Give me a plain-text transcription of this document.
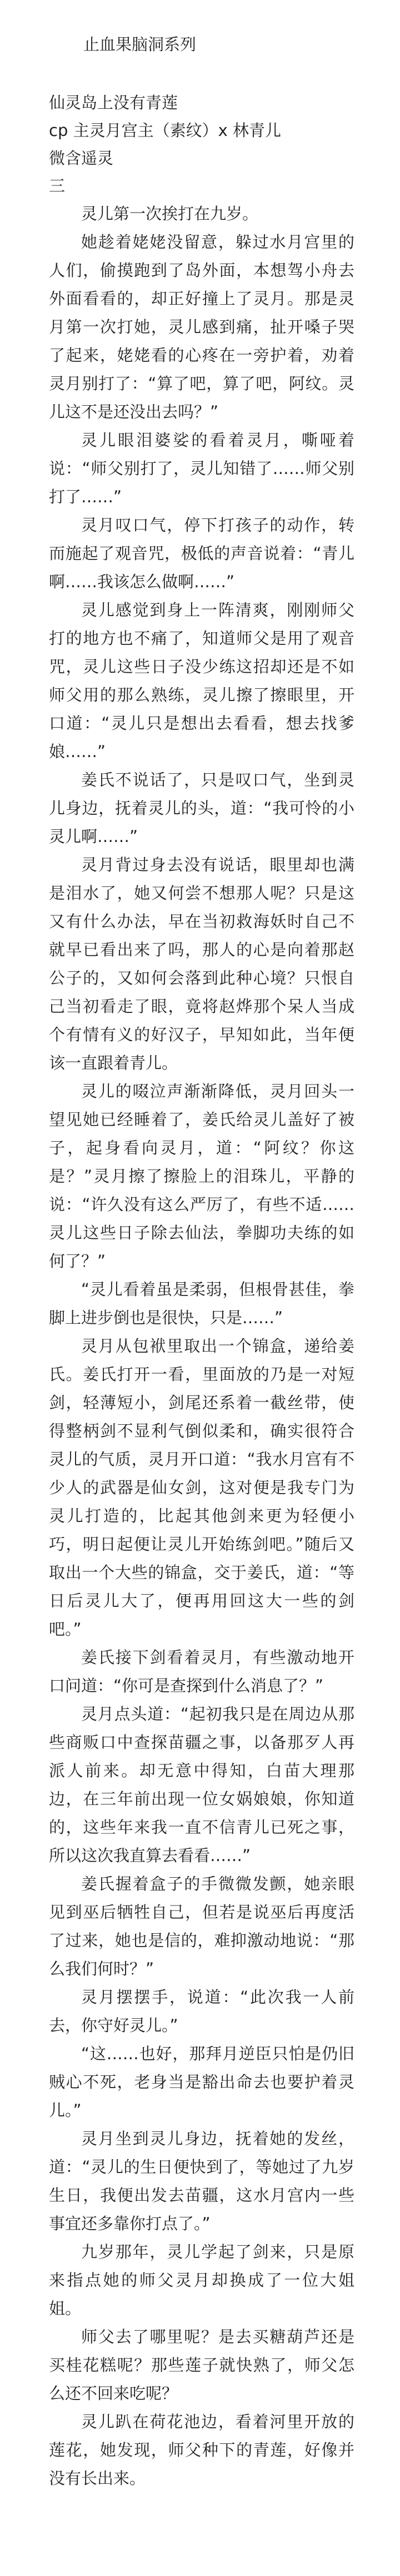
止血果脑洞系列

仙灵岛上没有青莲

cp 主灵月宫主（素纹）x 林青儿

微含遥灵

三

灵儿第一次挨打在九岁。

她趁着姥姥没留意，躲过水月宫里的人们，偷摸跑到了岛外面，本想驾小舟去外面看看的，却正好撞上了灵月。那是灵月第一次打她，灵儿感到痛，扯开嗓子哭了起来，姥姥看的心疼在一旁护着，劝着灵月别打了：“算了吧，算了吧，阿纹。灵儿这不是还没出去吗？”

灵儿眼泪婆娑的看着灵月，嘶哑着说：“师父别打了，灵儿知错了……师父别打了……”

灵月叹口气，停下打孩子的动作，转而施起了观音咒，极低的声音说着：“青儿啊……我该怎么做啊……”

灵儿感觉到身上一阵清爽，刚刚师父打的地方也不痛了，知道师父是用了观音咒，灵儿这些日子没少练这招却还是不如师父用的那么熟练，灵儿擦了擦眼里，开口道：“灵儿只是想出去看看，想去找爹娘……”

姜氏不说话了，只是叹口气，坐到灵儿身边，抚着灵儿的头，道：“我可怜的小灵儿啊……”

灵月背过身去没有说话，眼里却也满是泪水了，她又何尝不想那人呢？只是这又有什么办法，早在当初救海妖时自己不就早已看出来了吗，那人的心是向着那赵公子的，又如何会落到此种心境？只恨自己当初看走了眼，竟将赵烨那个呆人当成个有情有义的好汉子，早知如此，当年便该一直跟着青儿。

灵儿的啜泣声渐渐降低，灵月回头一望见她已经睡着了，姜氏给灵儿盖好了被子，起身看向灵月，道：“阿纹？你这是？”灵月擦了擦脸上的泪珠儿，平静的说：“许久没有这么严厉了，有些不适……灵儿这些日子除去仙法，拳脚功夫练的如何了？”

“灵儿看着虽是柔弱，但根骨甚佳，拳脚上进步倒也是很快，只是……”

灵月从包袱里取出一个锦盒，递给姜氏。姜氏打开一看，里面放的乃是一对短剑，轻薄短小，剑尾还系着一截丝带，使得整柄剑不显利气倒似柔和，确实很符合灵儿的气质，灵月开口道：“我水月宫有不少人的武器是仙女剑，这对便是我专门为灵儿打造的，比起其他剑来更为轻便小巧，明日起便让灵儿开始练剑吧。”随后又取出一个大些的锦盒，交于姜氏，道：“等日后灵儿大了，便再用回这大一些的剑吧。”

姜氏接下剑看着灵月，有些激动地开口问道：“你可是查探到什么消息了？”

灵月点头道：“起初我只是在周边从那些商贩口中查探苗疆之事，以备那歹人再派人前来。却无意中得知，白苗大理那边，在三年前出现一位女娲娘娘，你知道的，这些年来我一直不信青儿已死之事，所以这次我直算去看看……”

姜氏握着盒子的手微微发颤，她亲眼见到巫后牺牲自己，但若是说巫后再度活了过来，她也是信的，难抑激动地说：“那么我们何时？”

灵月摆摆手，说道：“此次我一人前去，你守好灵儿。”

“这……也好，那拜月逆臣只怕是仍旧贼心不死，老身当是豁出命去也要护着灵儿。”

灵月坐到灵儿身边，抚着她的发丝，道：“灵儿的生日便快到了，等她过了九岁生日，我便出发去苗疆，这水月宫内一些事宜还多靠你打点了。”

九岁那年，灵儿学起了剑来，只是原来指点她的师父灵月却换成了一位大姐姐。

师父去了哪里呢？是去买糖葫芦还是买桂花糕呢？那些莲子就快熟了，师父怎么还不回来吃呢？

灵儿趴在荷花池边，看着河里开放的莲花，她发现，师父种下的青莲，好像并没有长出来。
